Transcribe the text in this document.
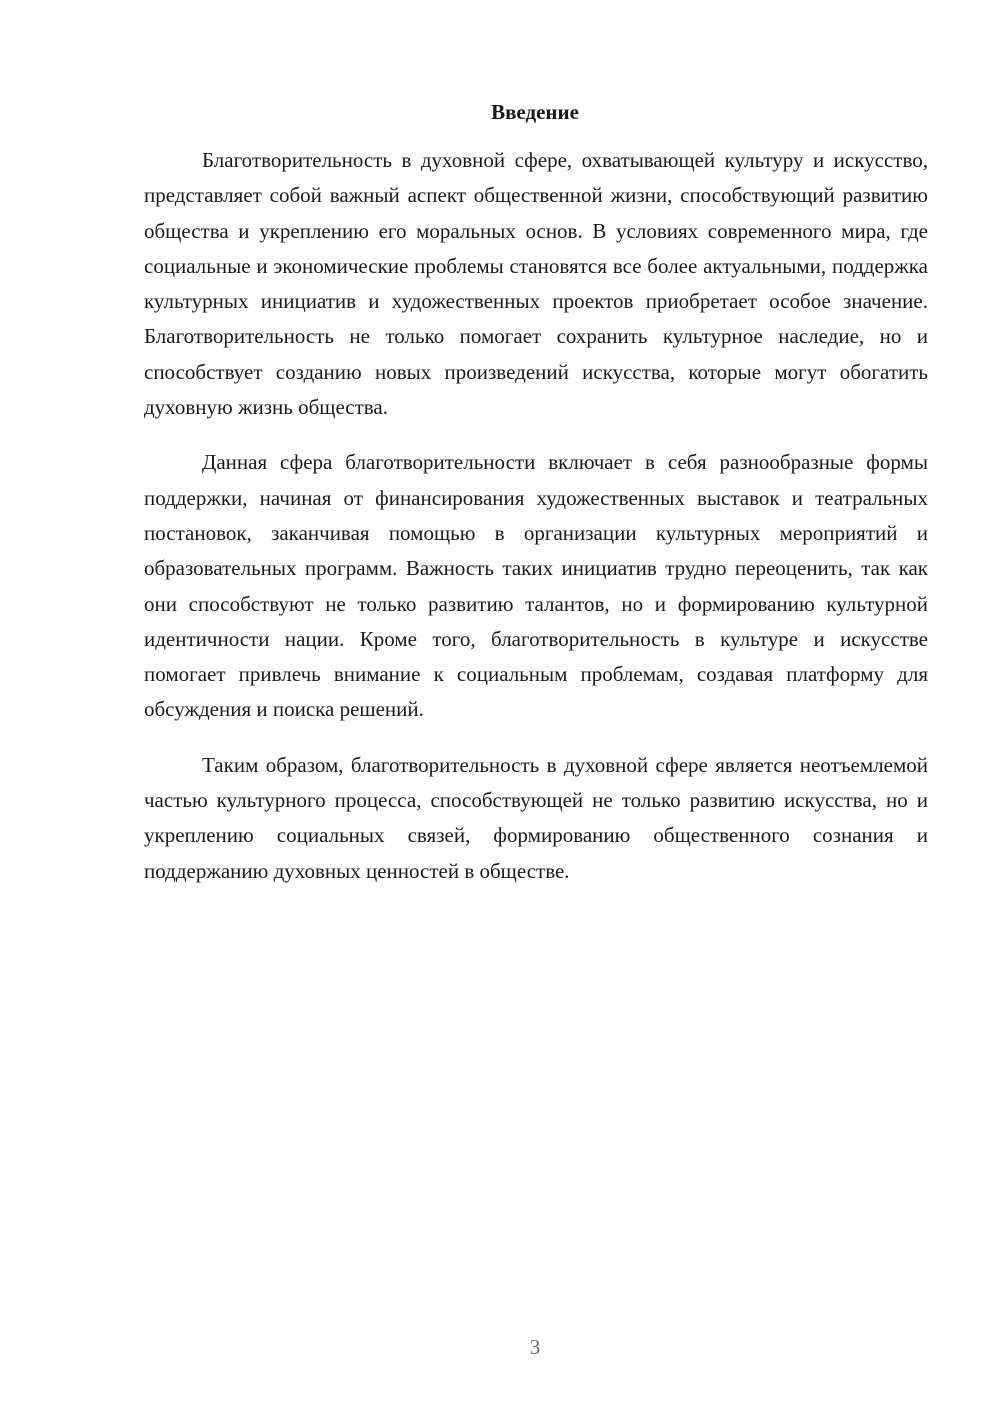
Введение

Благотворительность в духовной сфере, охватывающей культуру и искусство, представляет собой важный аспект общественной жизни, способствующий развитию общества и укреплению его моральных основ. В условиях современного мира, где социальные и экономические проблемы становятся все более актуальными, поддержка культурных инициатив и художественных проектов приобретает особое значение. Благотворительность не только помогает сохранить культурное наследие, но и способствует созданию новых произведений искусства, которые могут обогатить духовную жизнь общества.

Данная сфера благотворительности включает в себя разнообразные формы поддержки, начиная от финансирования художественных выставок и театральных постановок, заканчивая помощью в организации культурных мероприятий и образовательных программ. Важность таких инициатив трудно переоценить, так как они способствуют не только развитию талантов, но и формированию культурной идентичности нации. Кроме того, благотворительность в культуре и искусстве помогает привлечь внимание к социальным проблемам, создавая платформу для обсуждения и поиска решений.

Таким образом, благотворительность в духовной сфере является неотъемлемой частью культурного процесса, способствующей не только развитию искусства, но и укреплению социальных связей, формированию общественного сознания и поддержанию духовных ценностей в обществе.

3
